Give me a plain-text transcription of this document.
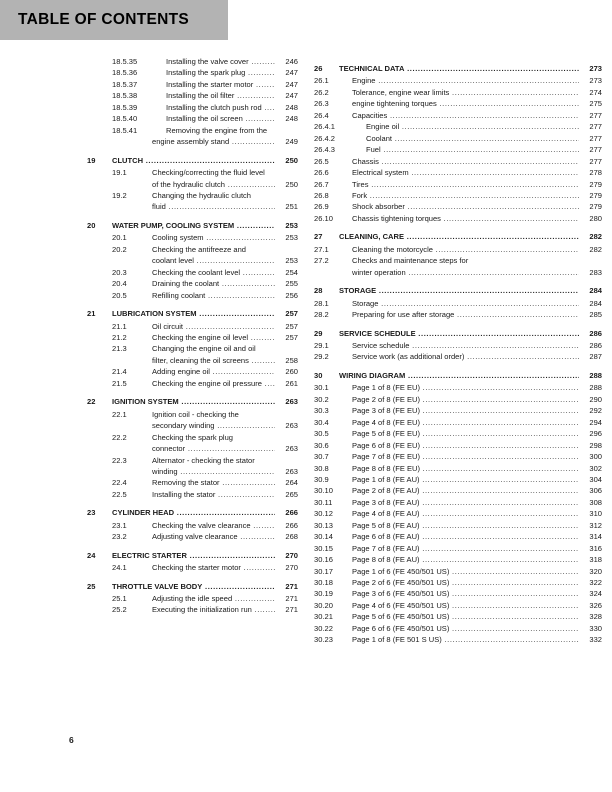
TABLE OF CONTENTS
18.5.35	Installing the valve cover .....	246
18.5.36	Installing the spark plug .....	247
18.5.37	Installing the starter motor .....	247
18.5.38	Installing the oil filter .....	247
18.5.39	Installing the clutch push rod .....	248
18.5.40	Installing the oil screen .....	248
18.5.41	Removing the engine from the
engine assembly stand .....	249
19	CLUTCH .....	250
19.1	Checking/correcting the fluid level
of the hydraulic clutch .....	250
19.2	Changing the hydraulic clutch
fluid .....	251
20	WATER PUMP, COOLING SYSTEM .....	253
20.1	Cooling system .....	253
20.2	Checking the antifreeze and
coolant level .....	253
20.3	Checking the coolant level .....	254
20.4	Draining the coolant .....	255
20.5	Refilling coolant .....	256
21	LUBRICATION SYSTEM .....	257
21.1	Oil circuit .....	257
21.2	Checking the engine oil level .....	257
21.3	Changing the engine oil and oil
filter, cleaning the oil screens .....	258
21.4	Adding engine oil .....	260
21.5	Checking the engine oil pressure .....	261
22	IGNITION SYSTEM .....	263
22.1	Ignition coil - checking the
secondary winding .....	263
22.2	Checking the spark plug
connector .....	263
22.3	Alternator - checking the stator
winding .....	263
22.4	Removing the stator .....	264
22.5	Installing the stator .....	265
23	CYLINDER HEAD .....	266
23.1	Checking the valve clearance .....	266
23.2	Adjusting valve clearance .....	268
24	ELECTRIC STARTER .....	270
24.1	Checking the starter motor .....	270
25	THROTTLE VALVE BODY .....	271
25.1	Adjusting the idle speed .....	271
25.2	Executing the initialization run .....	271
26	TECHNICAL DATA .....	273
26.1	Engine .....	273
26.2	Tolerance, engine wear limits .....	274
26.3	engine tightening torques .....	275
26.4	Capacities .....	277
26.4.1	Engine oil .....	277
26.4.2	Coolant .....	277
26.4.3	Fuel .....	277
26.5	Chassis .....	277
26.6	Electrical system .....	278
26.7	Tires .....	279
26.8	Fork .....	279
26.9	Shock absorber .....	279
26.10	Chassis tightening torques .....	280
27	CLEANING, CARE .....	282
27.1	Cleaning the motorcycle .....	282
27.2	Checks and maintenance steps for
winter operation .....	283
28	STORAGE .....	284
28.1	Storage .....	284
28.2	Preparing for use after storage .....	285
29	SERVICE SCHEDULE .....	286
29.1	Service schedule .....	286
29.2	Service work (as additional order) .....	287
30	WIRING DIAGRAM .....	288
30.1	Page 1 of 8 (FE EU) .....	288
30.2	Page 2 of 8 (FE EU) .....	290
30.3	Page 3 of 8 (FE EU) .....	292
30.4	Page 4 of 8 (FE EU) .....	294
30.5	Page 5 of 8 (FE EU) .....	296
30.6	Page 6 of 8 (FE EU) .....	298
30.7	Page 7 of 8 (FE EU) .....	300
30.8	Page 8 of 8 (FE EU) .....	302
30.9	Page 1 of 8 (FE AU) .....	304
30.10	Page 2 of 8 (FE AU) .....	306
30.11	Page 3 of 8 (FE AU) .....	308
30.12	Page 4 of 8 (FE AU) .....	310
30.13	Page 5 of 8 (FE AU) .....	312
30.14	Page 6 of 8 (FE AU) .....	314
30.15	Page 7 of 8 (FE AU) .....	316
30.16	Page 8 of 8 (FE AU) .....	318
30.17	Page 1 of 6 (FE 450/501 US) .....	320
30.18	Page 2 of 6 (FE 450/501 US) .....	322
30.19	Page 3 of 6 (FE 450/501 US) .....	324
30.20	Page 4 of 6 (FE 450/501 US) .....	326
30.21	Page 5 of 6 (FE 450/501 US) .....	328
30.22	Page 6 of 6 (FE 450/501 US) .....	330
30.23	Page 1 of 8 (FE 501 S US) .....	332
6
